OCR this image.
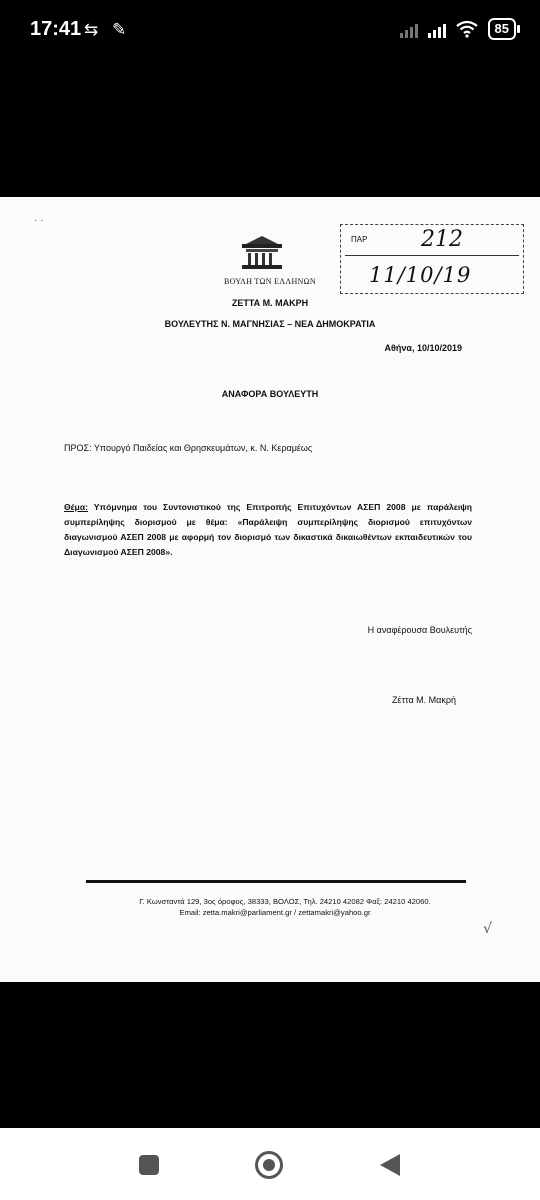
17:41 ⇆ ✎	85
· ·
ΠΑΡ 212
11/10/19
ΒΟΥΛΗ ΤΩΝ ΕΛΛΗΝΩΝ
ΖΕΤΤΑ Μ. ΜΑΚΡΗ
ΒΟΥΛΕΥΤΗΣ Ν. ΜΑΓΝΗΣΙΑΣ – ΝΕΑ ΔΗΜΟΚΡΑΤΙΑ
Αθήνα, 10/10/2019
ΑΝΑΦΟΡΑ ΒΟΥΛΕΥΤΗ
ΠΡΟΣ: Υπουργό Παιδείας και Θρησκευμάτων, κ. Ν. Κεραμέως
Θέμα: Υπόμνημα του Συντονιστικού της Επιτροπής Επιτυχόντων ΑΣΕΠ 2008 με παράλειψη συμπερίληψης διορισμού με θέμα: «Παράλειψη συμπερίληψης διορισμού επιτυχόντων διαγωνισμού ΑΣΕΠ 2008 με αφορμή τον διορισμό των δικαστικά δικαιωθέντων εκπαιδευτικών του Διαγωνισμού ΑΣΕΠ 2008».
Η αναφέρουσα Βουλευτής
Ζέττα Μ. Μακρή
Γ. Κωνσταντά 129, 3ος όροφος, 38333, ΒΟΛΟΣ, Τηλ. 24210 42082 Φαξ: 24210 42060.
Email: zetta.makri@parliament.gr / zettamakri@yahoo.gr
√
